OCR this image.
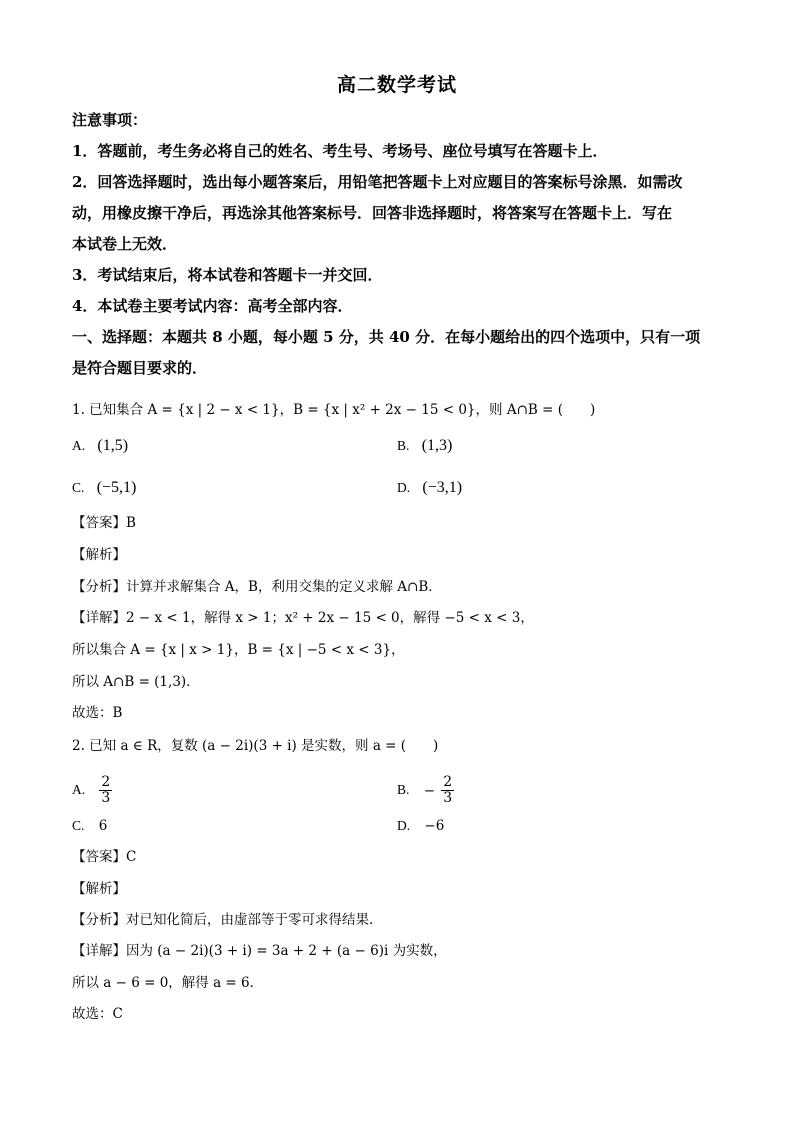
高二数学考试
注意事项：
1．答题前，考生务必将自己的姓名、考生号、考场号、座位号填写在答题卡上．
2．回答选择题时，选出每小题答案后，用铅笔把答题卡上对应题目的答案标号涂黑．如需改
动，用橡皮擦干净后，再选涂其他答案标号．回答非选择题时，将答案写在答题卡上．写在
本试卷上无效．
3．考试结束后，将本试卷和答题卡一并交回．
4．本试卷主要考试内容：高考全部内容．
一、选择题：本题共 8 小题，每小题 5 分，共 40 分．在每小题给出的四个选项中，只有一项
是符合题目要求的．
1. 已知集合 A = {x | 2 − x < 1}，B = {x | x² + 2x − 15 < 0}，则 A∩B = (　　)
A. (1,5)	B. (1,3)
C. (−5,1)	D. (−3,1)
【答案】B
【解析】
【分析】计算并求解集合 A，B，利用交集的定义求解 A∩B．
【详解】2 − x < 1，解得 x > 1；x² + 2x − 15 < 0，解得 −5 < x < 3，
所以集合 A = {x | x > 1}，B = {x | −5 < x < 3}，
所以 A∩B = (1,3)．
故选：B
2. 已知 a ∈ R，复数 (a − 2i)(3 + i) 是实数，则 a = (　　)
A. $\frac{2}{3}$	B. − $\frac{2}{3}$
C. 6	D. −6
【答案】C
【解析】
【分析】对已知化简后，由虚部等于零可求得结果．
【详解】因为 (a − 2i)(3 + i) = 3a + 2 + (a − 6)i 为实数，
所以 a − 6 = 0，解得 a = 6．
故选：C
